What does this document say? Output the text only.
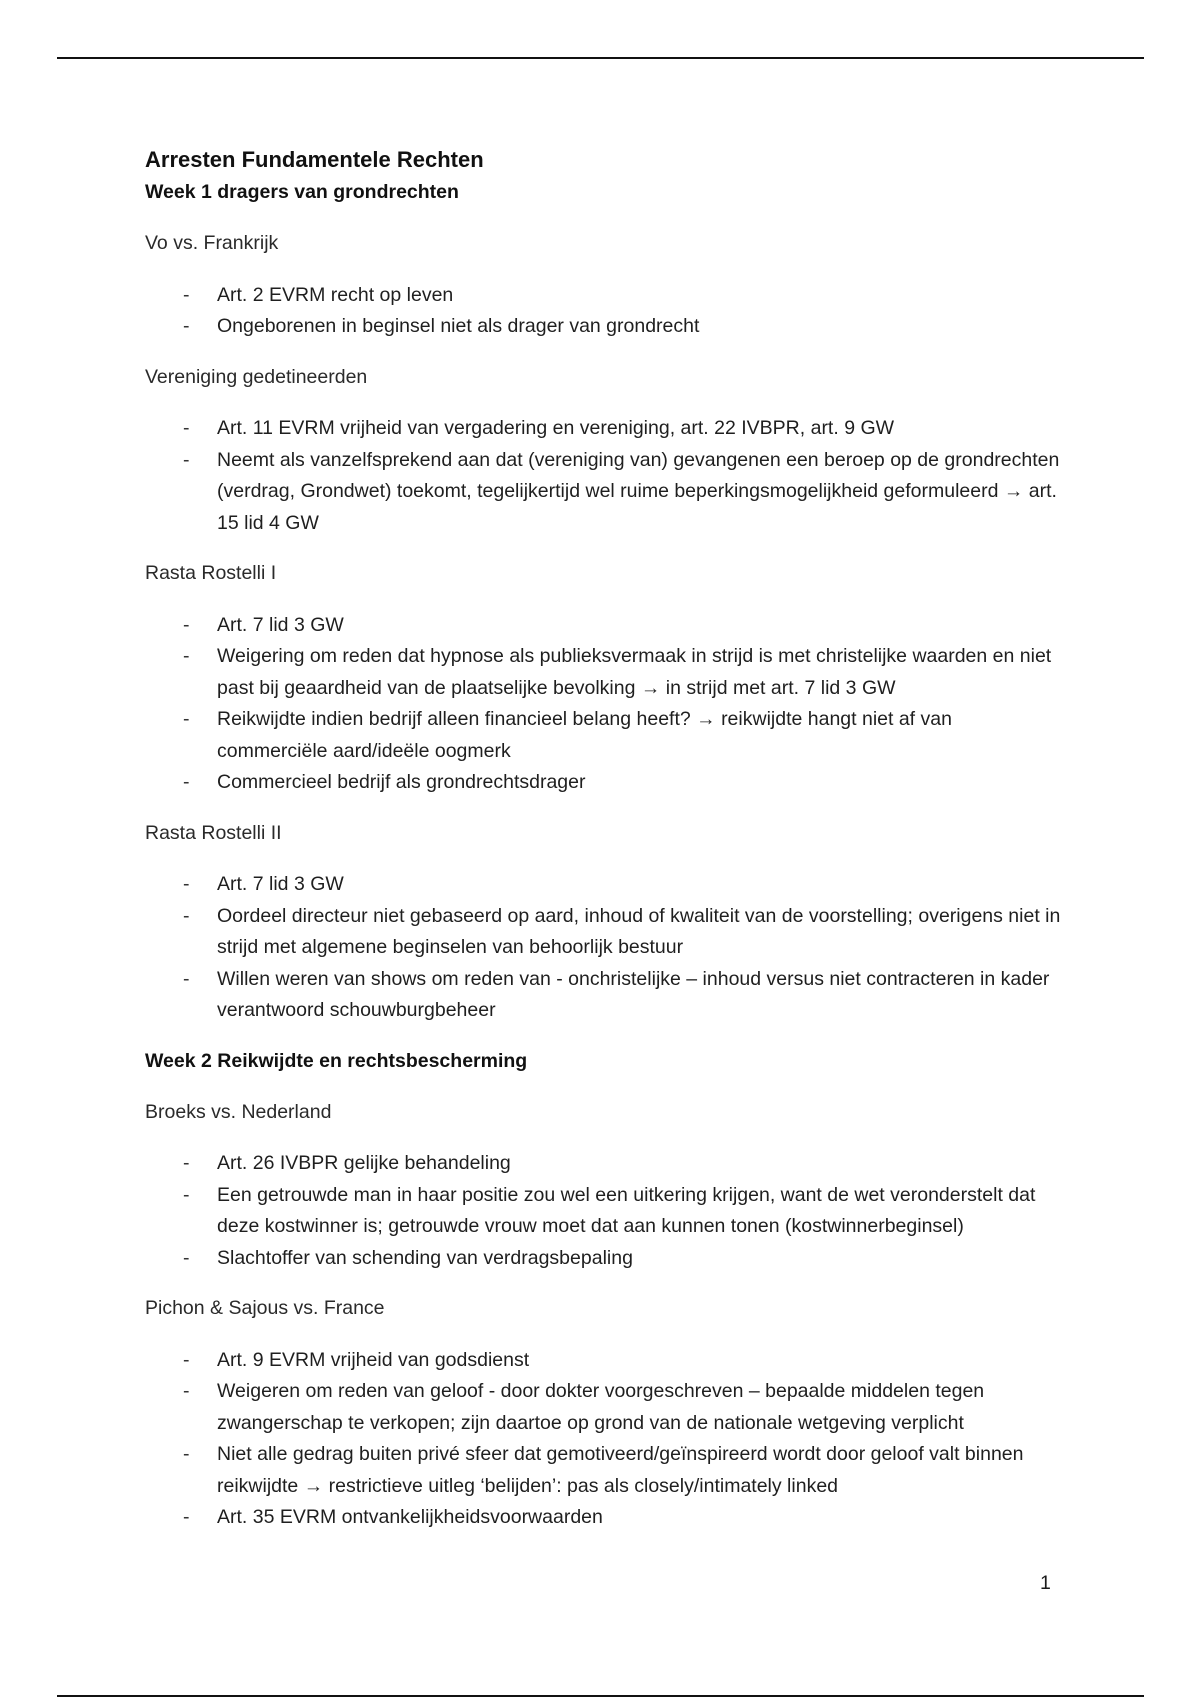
Arresten Fundamentele Rechten
Week 1 dragers van grondrechten
Vo vs. Frankrijk
- Art. 2 EVRM recht op leven
- Ongeborenen in beginsel niet als drager van grondrecht
Vereniging gedetineerden
- Art. 11 EVRM vrijheid van vergadering en vereniging, art. 22 IVBPR, art. 9 GW
- Neemt als vanzelfsprekend aan dat (vereniging van) gevangenen een beroep op de grondrechten (verdrag, Grondwet) toekomt, tegelijkertijd wel ruime beperkingsmogelijkheid geformuleerd → art. 15 lid 4 GW
Rasta Rostelli I
- Art. 7 lid 3 GW
- Weigering om reden dat hypnose als publieksvermaak in strijd is met christelijke waarden en niet past bij geaardheid van de plaatselijke bevolking → in strijd met art. 7 lid 3 GW
- Reikwijdte indien bedrijf alleen financieel belang heeft? → reikwijdte hangt niet af van commerciële aard/ideële oogmerk
- Commercieel bedrijf als grondrechtsdrager
Rasta Rostelli II
- Art. 7 lid 3 GW
- Oordeel directeur niet gebaseerd op aard, inhoud of kwaliteit van de voorstelling; overigens niet in strijd met algemene beginselen van behoorlijk bestuur
- Willen weren van shows om reden van - onchristelijke – inhoud versus niet contracteren in kader verantwoord schouwburgbeheer
Week 2 Reikwijdte en rechtsbescherming
Broeks vs. Nederland
- Art. 26 IVBPR gelijke behandeling
- Een getrouwde man in haar positie zou wel een uitkering krijgen, want de wet veronderstelt dat deze kostwinner is; getrouwde vrouw moet dat aan kunnen tonen (kostwinnerbeginsel)
- Slachtoffer van schending van verdragsbepaling
Pichon & Sajous vs. France
- Art. 9 EVRM vrijheid van godsdienst
- Weigeren om reden van geloof - door dokter voorgeschreven – bepaalde middelen tegen zwangerschap te verkopen; zijn daartoe op grond van de nationale wetgeving verplicht
- Niet alle gedrag buiten privé sfeer dat gemotiveerd/geïnspireerd wordt door geloof valt binnen reikwijdte → restrictieve uitleg ‘belijden’: pas als closely/intimately linked
- Art. 35 EVRM ontvankelijkheidsvoorwaarden
1
